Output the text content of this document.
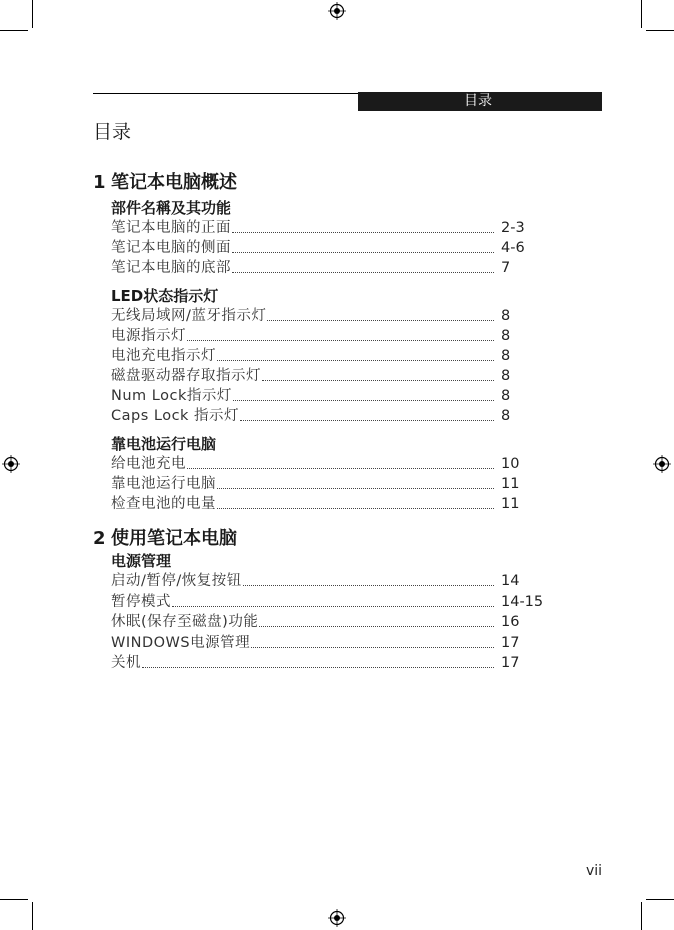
目录
目录
1 笔记本电脑概述
部件名稱及其功能
笔记本电脑的正面	2-3
笔记本电脑的侧面	4-6
笔记本电脑的底部	7
LED状态指示灯
无线局域网/蓝牙指示灯	8
电源指示灯	8
电池充电指示灯	8
磁盘驱动器存取指示灯	8
Num Lock指示灯	8
Caps Lock 指示灯	8
靠电池运行电脑
给电池充电	10
靠电池运行电脑	11
检查电池的电量	11
2 使用笔记本电脑
电源管理
启动/暂停/恢复按钮	14
暂停模式	14-15
休眠(保存至磁盘)功能	16
WINDOWS电源管理	17
关机	17
vii
